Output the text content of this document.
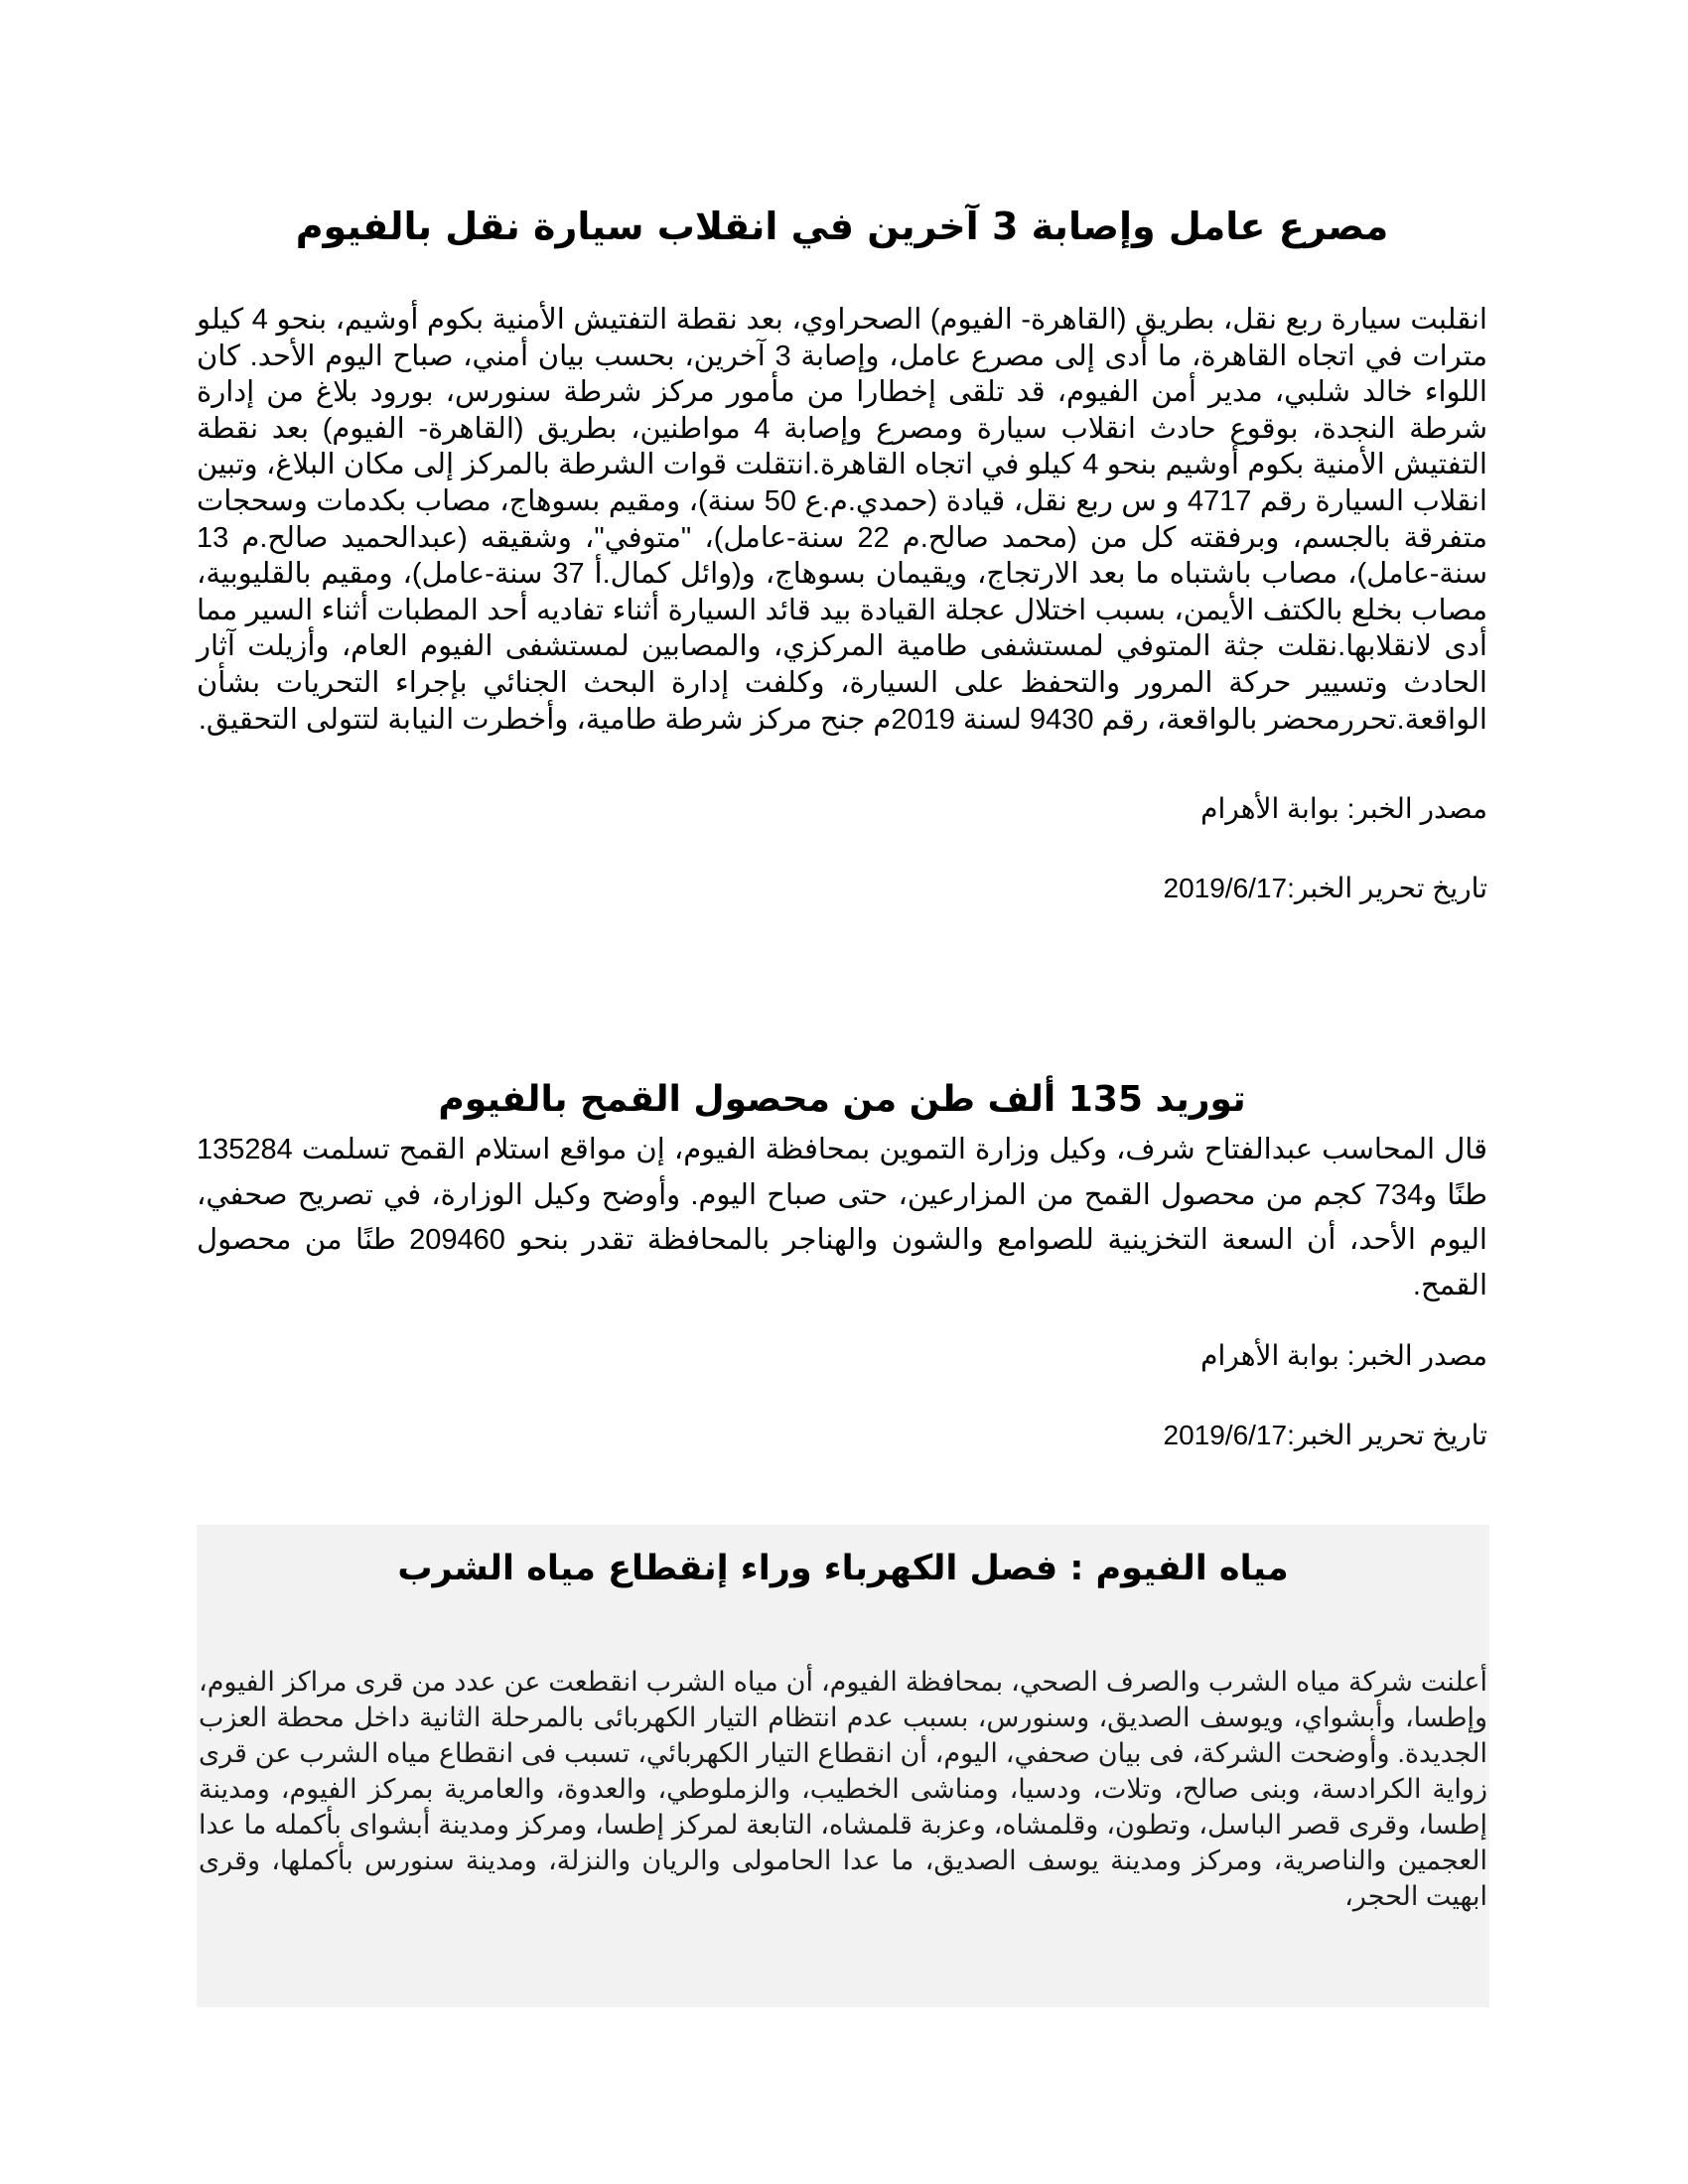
مصرع عامل وإصابة 3 آخرين في انقلاب سيارة نقل بالفيوم

انقلبت سيارة ربع نقل، بطريق (القاهرة- الفيوم) الصحراوي، بعد نقطة التفتيش الأمنية بكوم أوشيم، بنحو 4 كيلو مترات في اتجاه القاهرة، ما أدى إلى مصرع عامل، وإصابة 3 آخرين، بحسب بيان أمني، صباح اليوم الأحد. كان اللواء خالد شلبي، مدير أمن الفيوم، قد تلقى إخطارا من مأمور مركز شرطة سنورس، بورود بلاغ من إدارة شرطة النجدة، بوقوع حادث انقلاب سيارة ومصرع وإصابة 4 مواطنين، بطريق (القاهرة- الفيوم) بعد نقطة التفتيش الأمنية بكوم أوشيم بنحو 4 كيلو في اتجاه القاهرة.انتقلت قوات الشرطة بالمركز إلى مكان البلاغ، وتبين انقلاب السيارة رقم 4717 و س ربع نقل، قيادة (حمدي.م.ع 50 سنة)، ومقيم بسوهاج، مصاب بكدمات وسحجات متفرقة بالجسم، وبرفقته كل من (محمد صالح.م 22 سنة-عامل)، "متوفي"، وشقيقه (عبدالحميد صالح.م 13 سنة-عامل)، مصاب باشتباه ما بعد الارتجاج، ويقيمان بسوهاج، و(وائل كمال.أ 37 سنة-عامل)، ومقيم بالقليوبية، مصاب بخلع بالكتف الأيمن، بسبب اختلال عجلة القيادة بيد قائد السيارة أثناء تفاديه أحد المطبات أثناء السير مما أدى لانقلابها.نقلت جثة المتوفي لمستشفى طامية المركزي، والمصابين لمستشفى الفيوم العام، وأزيلت آثار الحادث وتسيير حركة المرور والتحفظ على السيارة، وكلفت إدارة البحث الجنائي بإجراء التحريات بشأن الواقعة.تحررمحضر بالواقعة، رقم 9430 لسنة 2019م جنح مركز شرطة طامية، وأخطرت النيابة لتتولى التحقيق.

مصدر الخبر: بوابة الأهرام

تاريخ تحرير الخبر:2019/6/17

توريد 135 ألف طن من محصول القمح بالفيوم

قال المحاسب عبدالفتاح شرف، وكيل وزارة التموين بمحافظة الفيوم، إن مواقع استلام القمح تسلمت 135284 طنًا و734 كجم من محصول القمح من المزارعين، حتى صباح اليوم. وأوضح وكيل الوزارة، في تصريح صحفي، اليوم الأحد، أن السعة التخزينية للصوامع والشون والهناجر بالمحافظة تقدر بنحو 209460 طنًا من محصول القمح.

مصدر الخبر: بوابة الأهرام

تاريخ تحرير الخبر:2019/6/17

مياه الفيوم : فصل الكهرباء وراء إنقطاع مياه الشرب

أعلنت شركة مياه الشرب والصرف الصحي، بمحافظة الفيوم، أن مياه الشرب انقطعت عن عدد من قرى مراكز الفيوم، وإطسا، وأبشواي، ويوسف الصديق، وسنورس، بسبب عدم انتظام التيار الكهربائى بالمرحلة الثانية داخل محطة العزب الجديدة. وأوضحت الشركة، فى بيان صحفي، اليوم، أن انقطاع التيار الكهربائي، تسبب فى انقطاع مياه الشرب عن قرى زواية الكرادسة، وبنى صالح، وتلات، ودسيا، ومناشى الخطيب، والزملوطي، والعدوة، والعامرية بمركز الفيوم، ومدينة إطسا، وقرى قصر الباسل، وتطون، وقلمشاه، وعزبة قلمشاه، التابعة لمركز إطسا، ومركز ومدينة أبشواى بأكمله ما عدا العجمين والناصرية، ومركز ومدينة يوسف الصديق، ما عدا الحامولى والريان والنزلة، ومدينة سنورس بأكملها، وقرى ابهيت الحجر،
